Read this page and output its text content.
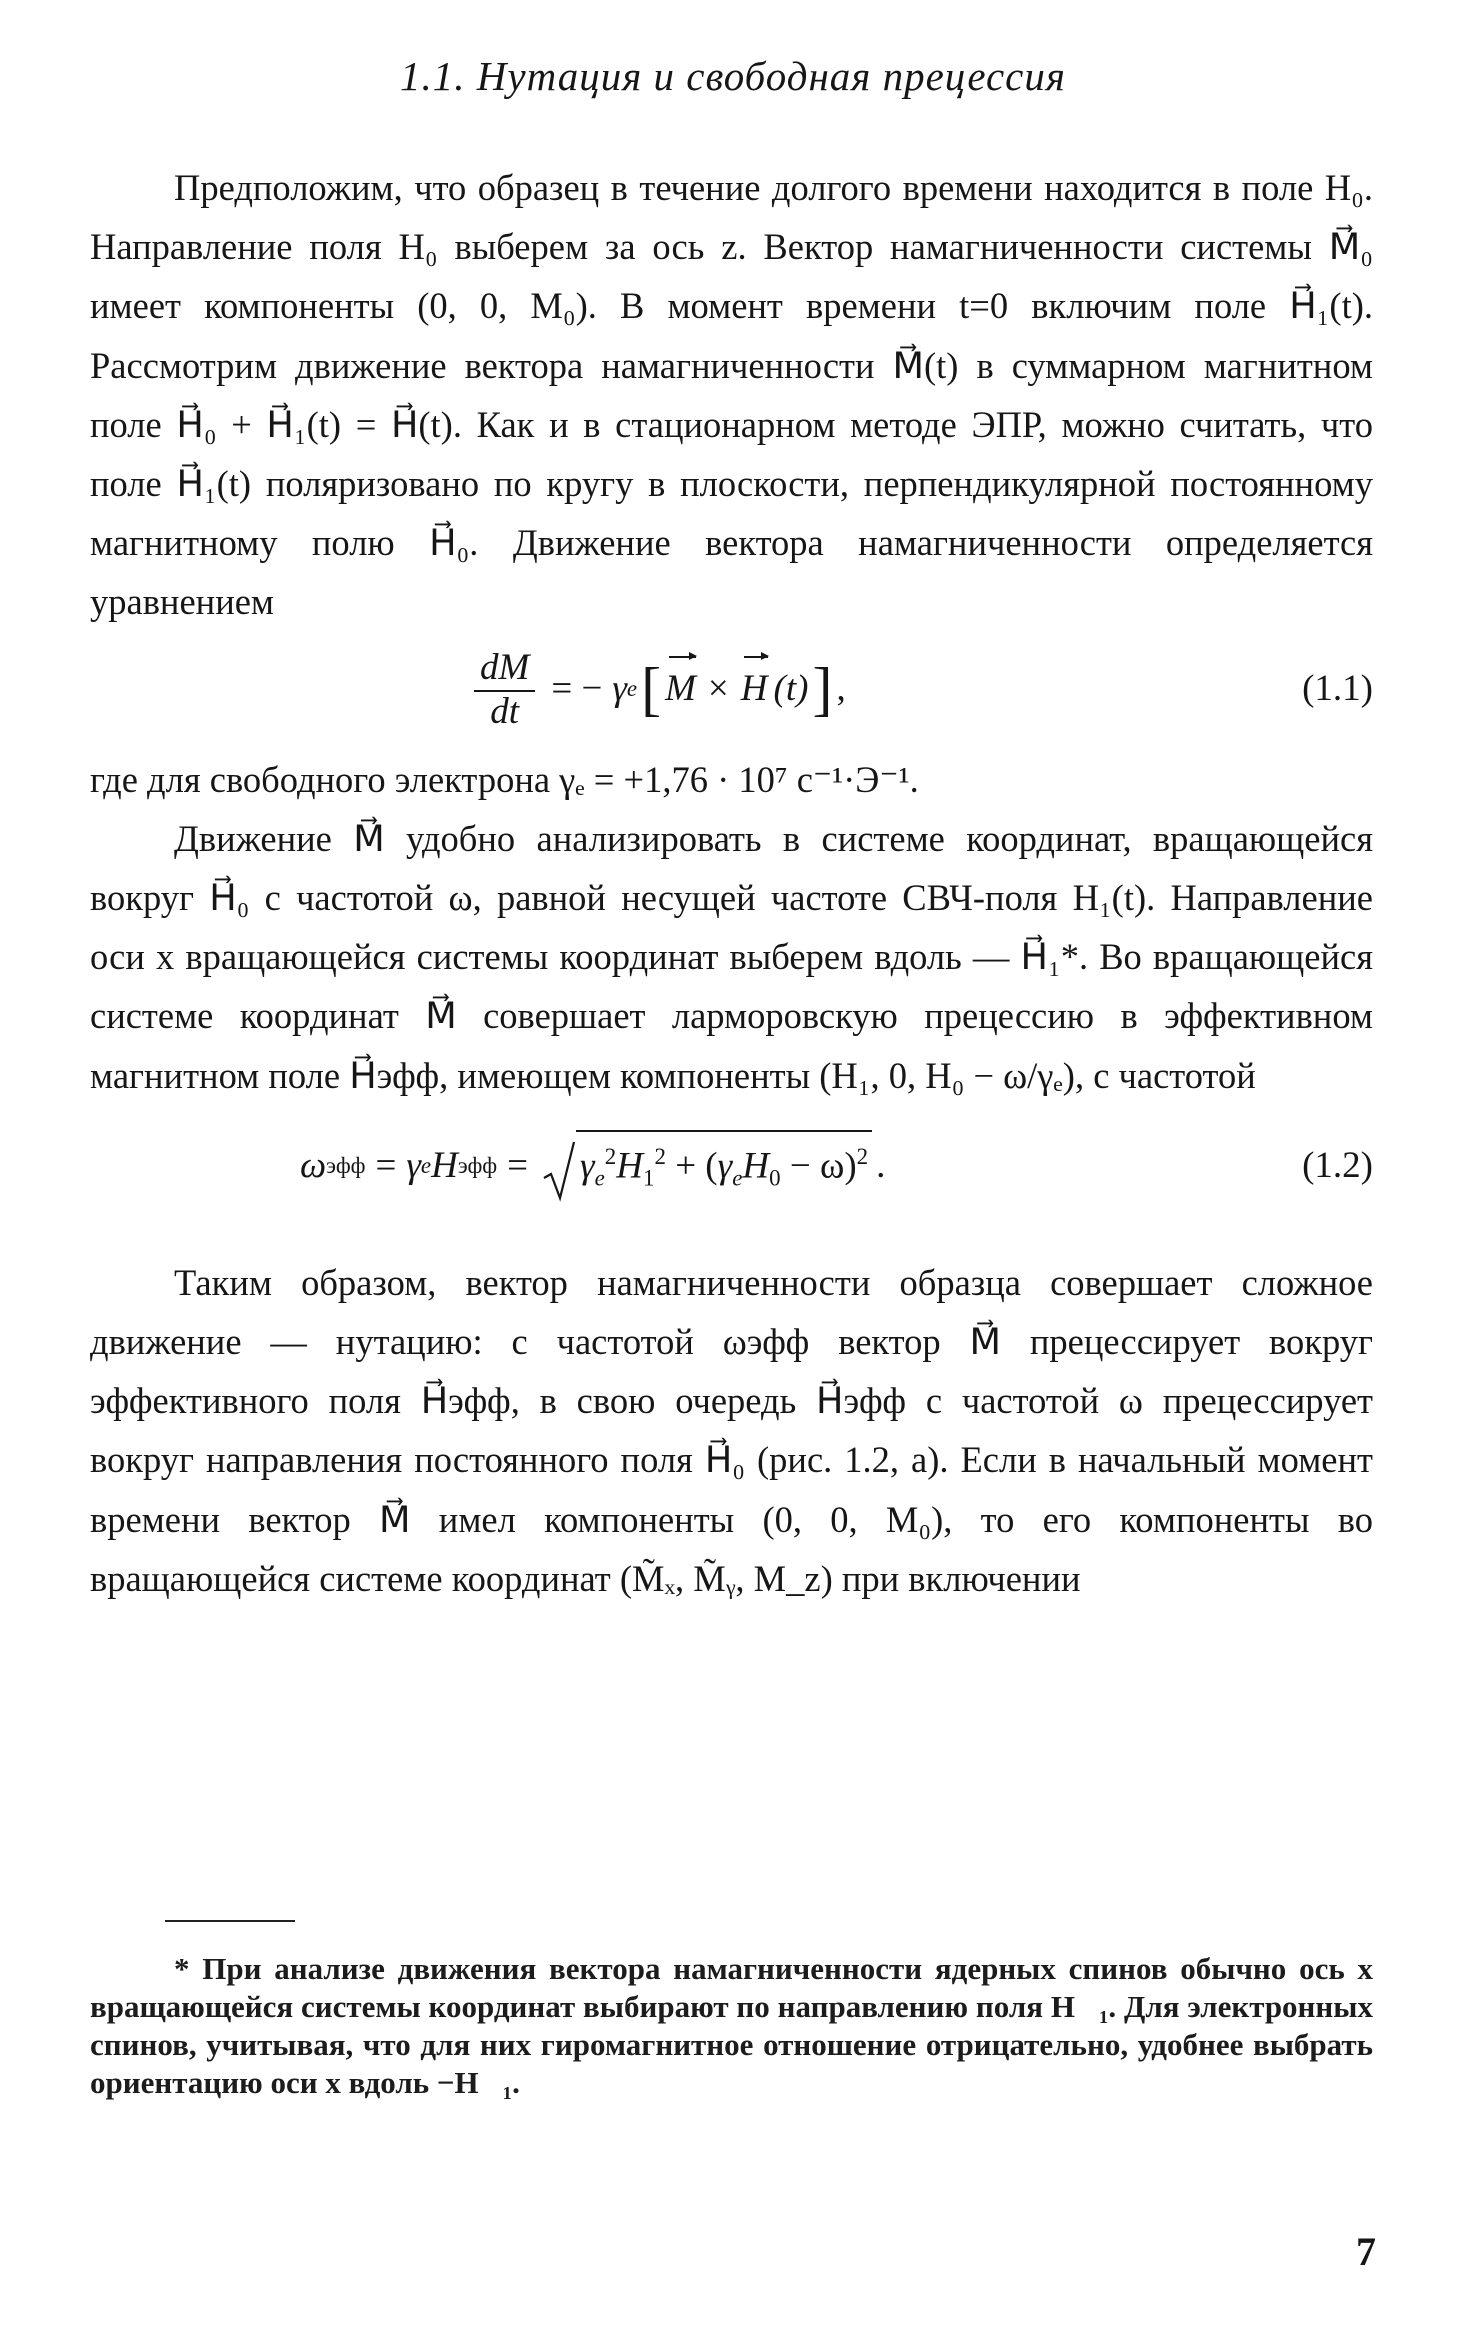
1.1. Нутация и свободная прецессия

Предположим, что образец в течение долгого времени находится в поле H₀. Направление поля H₀ выберем за ось z. Вектор намагниченности системы M⃗₀ имеет компоненты (0, 0, M₀). В момент времени t=0 включим поле H⃗₁(t). Рассмотрим движение вектора намагниченности M⃗(t) в суммарном магнитном поле H⃗₀ + H⃗₁(t) = H⃗(t). Как и в стационарном методе ЭПР, можно считать, что поле H⃗₁(t) поляризовано по кругу в плоскости, перпендикулярной постоянному магнитному полю H⃗₀. Движение вектора намагниченности определяется уравнением

$\frac{dM}{dt}$ = − γ e [ M × H (t) ] ,	(1.1)

где для свободного электрона γₑ = +1,76 · 10⁷ с⁻¹·Э⁻¹.

Движение M⃗ удобно анализировать в системе координат, вращающейся вокруг H⃗₀ с частотой ω, равной несущей частоте СВЧ-поля H₁(t). Направление оси x вращающейся системы координат выберем вдоль — H⃗₁*. Во вращающейся системе координат M⃗ совершает ларморовскую прецессию в эффективном магнитном поле H⃗эфф, имеющем компоненты (H₁, 0, H₀ − ω/γₑ), с частотой

ω эфф = γ e H эфф = $\gamma_e^2H_1^2 + (\gamma_eH_0 - \omega)^2$ .	(1.2)

Таким образом, вектор намагниченности образца совершает сложное движение — нутацию: с частотой ωэфф вектор M⃗ прецессирует вокруг эффективного поля H⃗эфф, в свою очередь H⃗эфф с частотой ω прецессирует вокруг направления постоянного поля H⃗₀ (рис. 1.2, а). Если в начальный момент времени вектор M⃗ имел компоненты (0, 0, M₀), то его компоненты во вращающейся системе координат (M̃ₓ, M̃ᵧ, M_z) при включении

* При анализе движения вектора намагниченности ядерных спинов обычно ось x вращающейся системы координат выбирают по направлению поля H⃗₁. Для электронных спинов, учитывая, что для них гиромагнитное отношение отрицательно, удобнее выбрать ориентацию оси x вдоль −H⃗₁.

7
